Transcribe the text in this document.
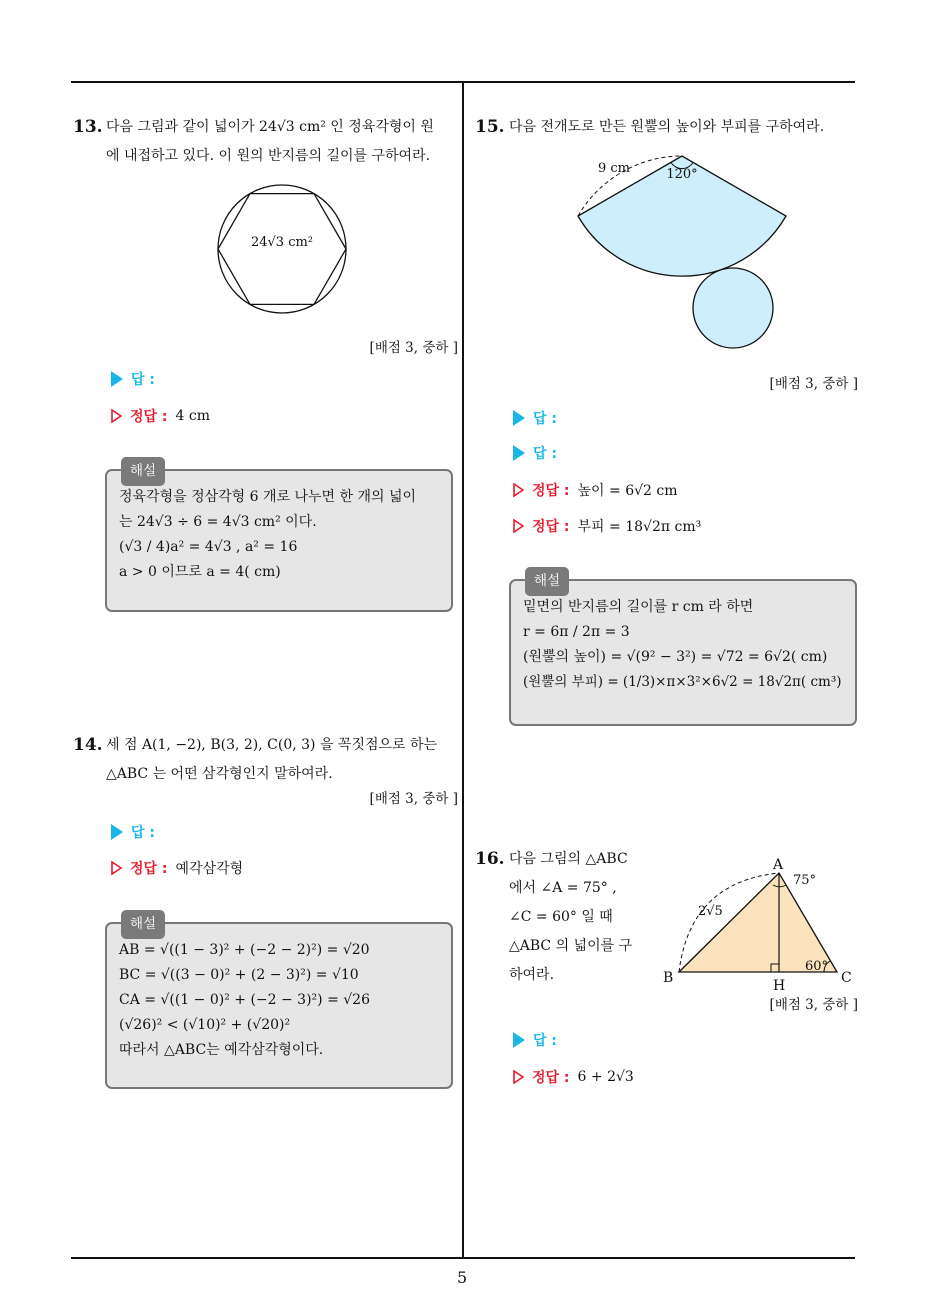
13. 다음 그림과 같이 넓이가 24√3 cm² 인 정육각형이 원
에 내접하고 있다. 이 원의 반지름의 길이를 구하여라.
24√3 cm²
[배점 3, 중하 ]
답 :
정답 : 4 cm
해설
정육각형을 정삼각형 6 개로 나누면 한 개의 넓이
는 24√3 ÷ 6 = 4√3 cm² 이다.
(√3 / 4)a² = 4√3 , a² = 16
a > 0 이므로 a = 4( cm)
14. 세 점 A(1, −2), B(3, 2), C(0, 3) 을 꼭짓점으로 하는
△ABC 는 어떤 삼각형인지 말하여라.
[배점 3, 중하 ]
답 :
정답 : 예각삼각형
해설
AB = √((1 − 3)² + (−2 − 2)²) = √20
BC = √((3 − 0)² + (2 − 3)²) = √10
CA = √((1 − 0)² + (−2 − 3)²) = √26
(√26)² < (√10)² + (√20)²
따라서 △ABC는 예각삼각형이다.
15. 다음 전개도로 만든 원뿔의 높이와 부피를 구하여라.
9 cm	120°
[배점 3, 중하 ]
답 :
답 :
정답 : 높이 = 6√2 cm
정답 : 부피 = 18√2π cm³
해설
밑면의 반지름의 길이를 r cm 라 하면
r = 6π / 2π = 3
(원뿔의 높이) = √(9² − 3²) = √72 = 6√2( cm)
(원뿔의 부피) = (1/3)×π×3²×6√2 = 18√2π( cm³)
16. 다음 그림의 △ABC
에서 ∠A = 75° ,
∠C = 60° 일 때
△ABC 의 넓이를 구
하여라.
A
B	C
H
2√5
75°
60°
[배점 3, 중하 ]
답 :
정답 : 6 + 2√3
5
